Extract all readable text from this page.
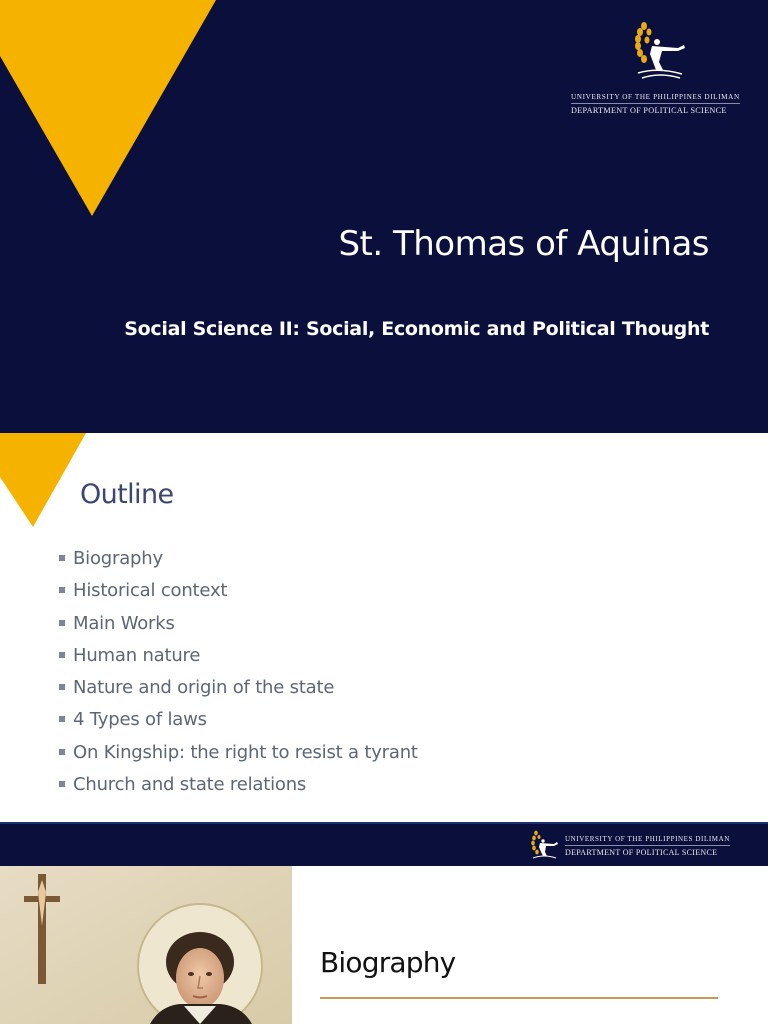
UNIVERSITY OF THE PHILIPPINES DILIMAN
DEPARTMENT OF POLITICAL SCIENCE
St. Thomas of Aquinas
Social Science II: Social, Economic and Political Thought
Outline
Biography
Historical context
Main Works
Human nature
Nature and origin of the state
4 Types of laws
On Kingship: the right to resist a tyrant
Church and state relations
UNIVERSITY OF THE PHILIPPINES DILIMAN
DEPARTMENT OF POLITICAL SCIENCE
Biography
